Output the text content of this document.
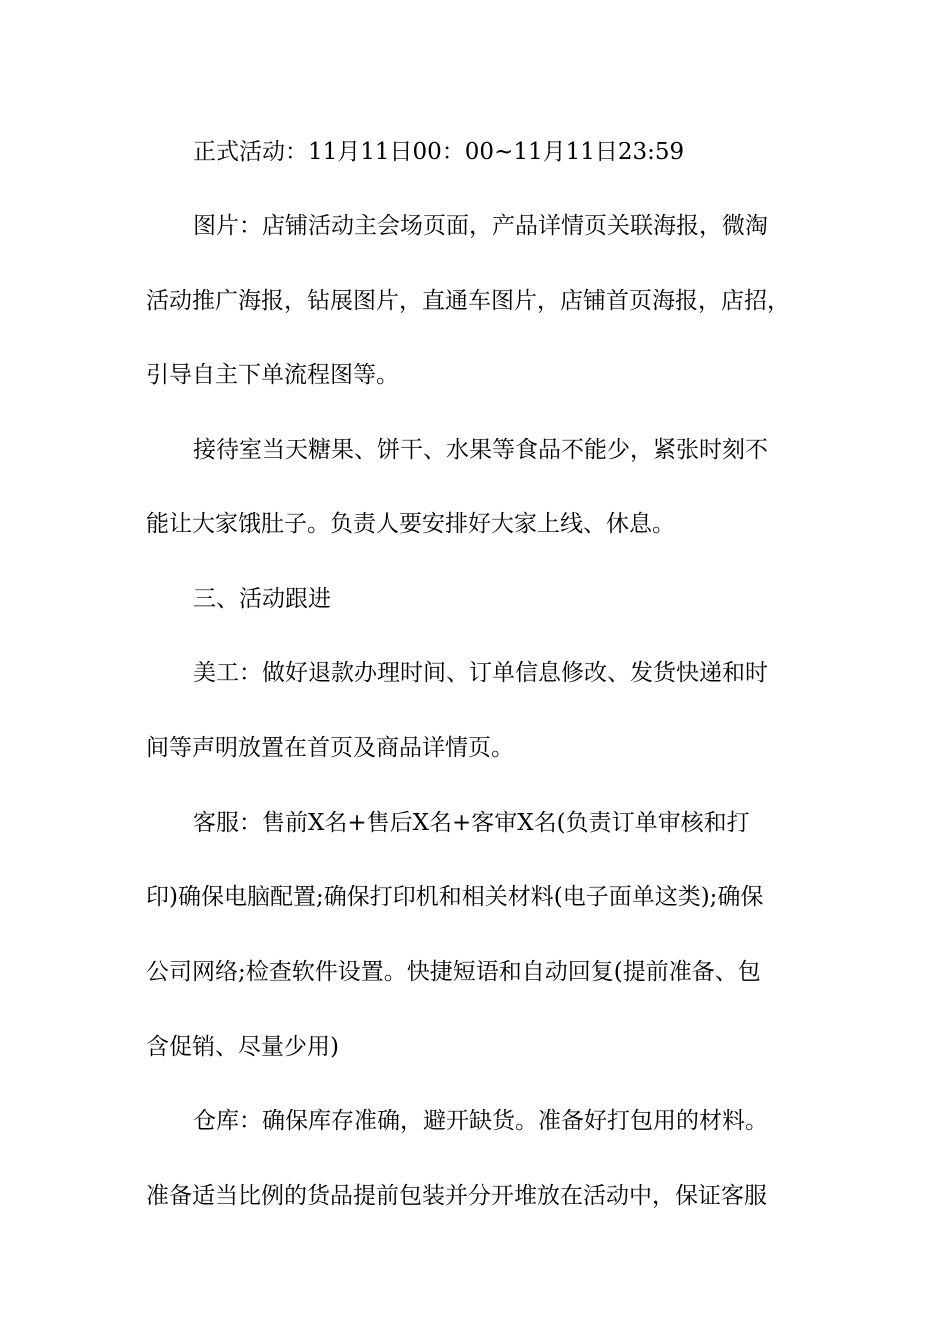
正式活动：11月11日00：00~11月11日23:59
图片：店铺活动主会场页面，产品详情页关联海报，微淘
活动推广海报，钻展图片，直通车图片，店铺首页海报，店招，
引导自主下单流程图等。
接待室当天糖果、饼干、水果等食品不能少，紧张时刻不
能让大家饿肚子。负责人要安排好大家上线、休息。
三、活动跟进
美工：做好退款办理时间、订单信息修改、发货快递和时
间等声明放置在首页及商品详情页。
客服：售前X名+售后X名+客审X名(负责订单审核和打
印)确保电脑配置;确保打印机和相关材料(电子面单这类);确保
公司网络;检查软件设置。快捷短语和自动回复(提前准备、包
含促销、尽量少用)
仓库：确保库存准确，避开缺货。准备好打包用的材料。
准备适当比例的货品提前包装并分开堆放在活动中，保证客服
